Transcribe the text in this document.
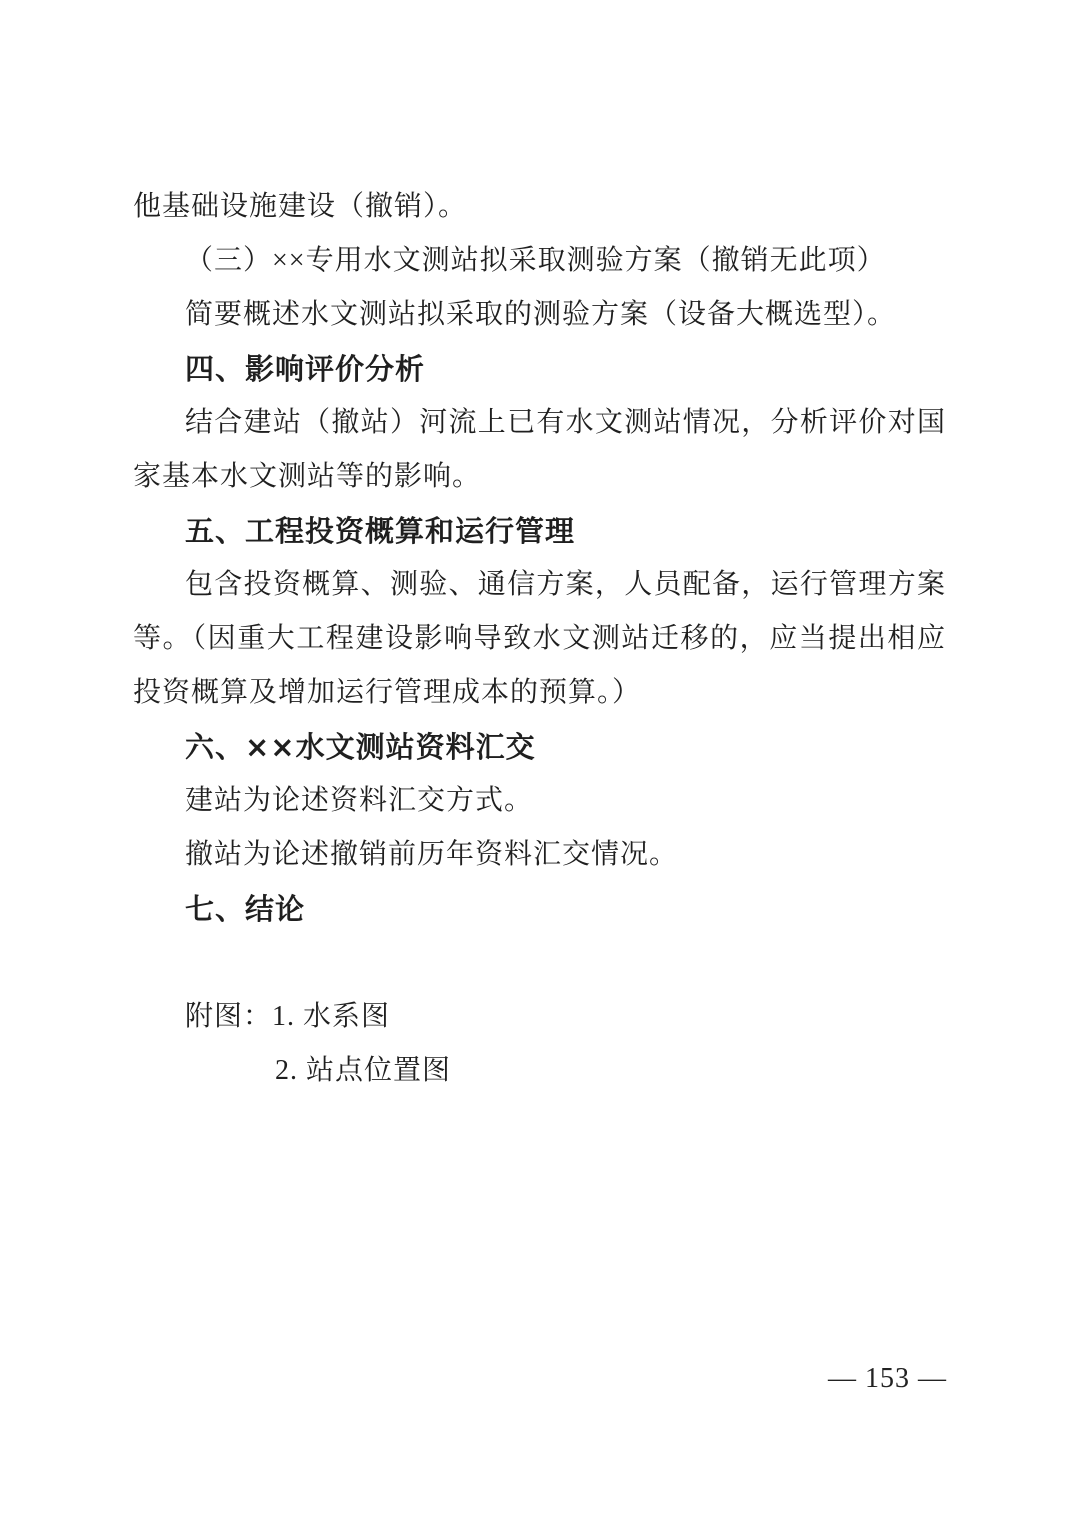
他基础设施建设（撤销）。
（三）××专用水文测站拟采取测验方案（撤销无此项）
简要概述水文测站拟采取的测验方案（设备大概选型）。
四、影响评价分析
结合建站（撤站）河流上已有水文测站情况，分析评价对国
家基本水文测站等的影响。
五、工程投资概算和运行管理
包含投资概算、测验、通信方案，人员配备，运行管理方案
等。（因重大工程建设影响导致水文测站迁移的，应当提出相应
投资概算及增加运行管理成本的预算。）
六、××水文测站资料汇交
建站为论述资料汇交方式。
撤站为论述撤销前历年资料汇交情况。
七、结论
附图：1. 水系图
2. 站点位置图
— 153 —
